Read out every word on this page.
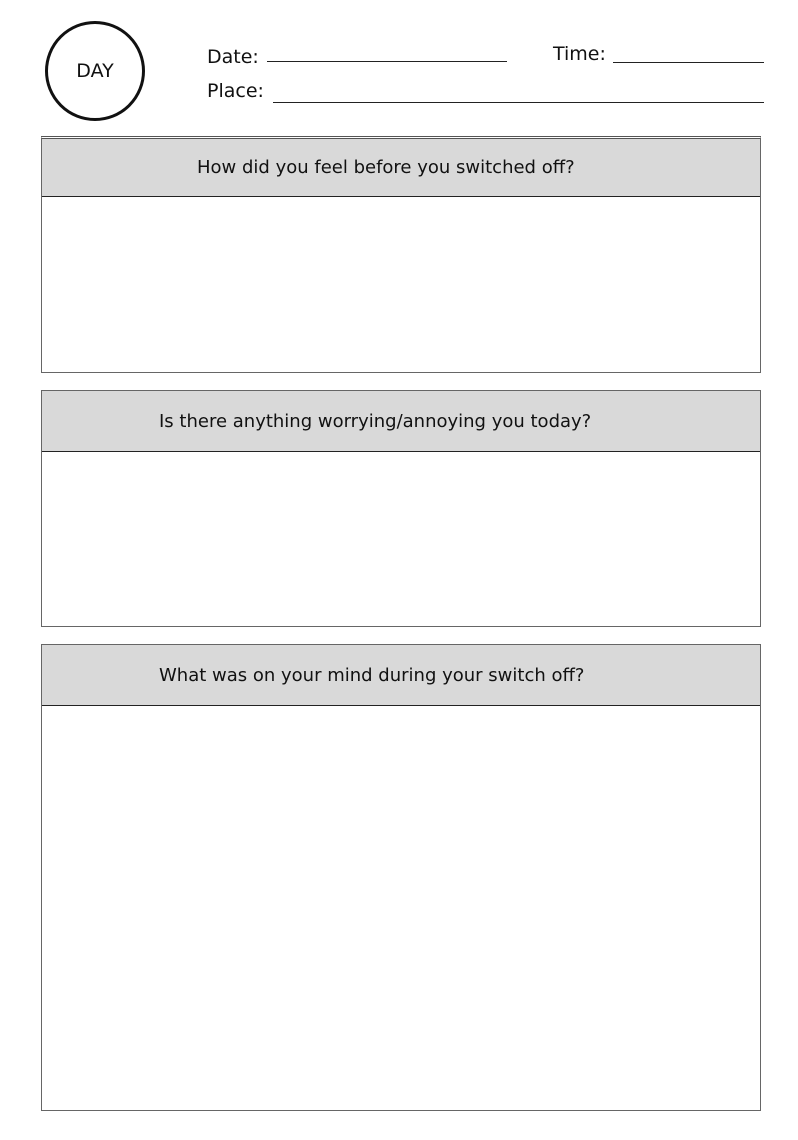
DAY
Date:	Time:
Place:
How did you feel before you switched off?
Is there anything worrying/annoying you today?
What was on your mind during your switch off?
